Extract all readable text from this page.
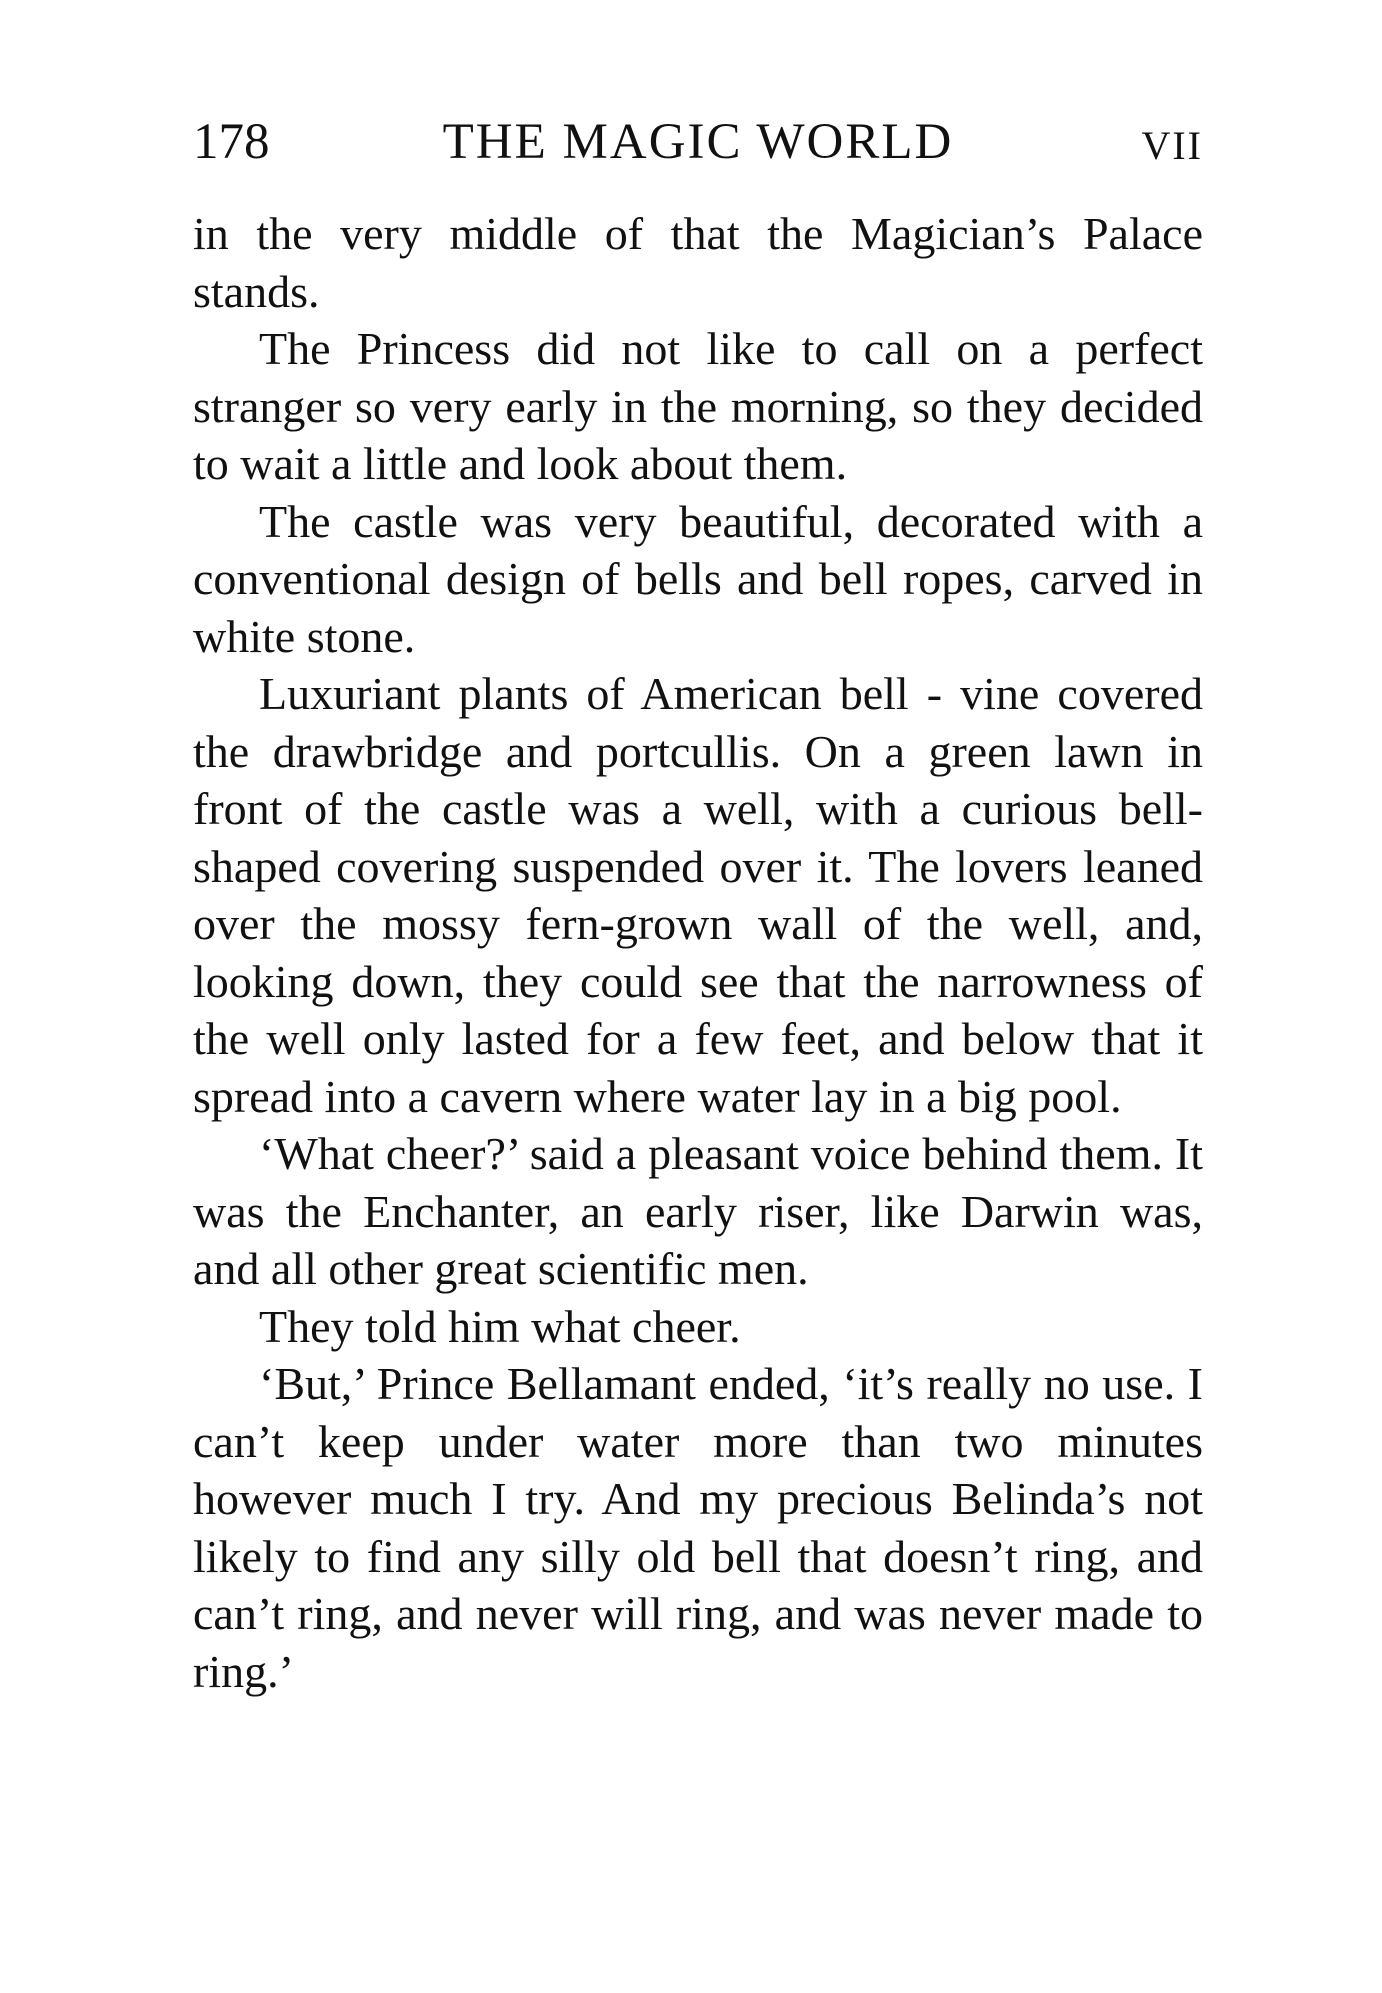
178	THE MAGIC WORLD	VII

in the very middle of that the Magician’s Palace stands.

The Princess did not like to call on a perfect stranger so very early in the morning, so they decided to wait a little and look about them.

The castle was very beautiful, decorated with a conventional design of bells and bell ropes, carved in white stone.

Luxuriant plants of American bell - vine covered the drawbridge and portcullis. On a green lawn in front of the castle was a well, with a curious bell-shaped covering suspended over it. The lovers leaned over the mossy fern-grown wall of the well, and, looking down, they could see that the narrowness of the well only lasted for a few feet, and below that it spread into a cavern where water lay in a big pool.

‘What cheer?’ said a pleasant voice behind them. It was the Enchanter, an early riser, like Darwin was, and all other great scientific men.

They told him what cheer.

‘But,’ Prince Bellamant ended, ‘it’s really no use. I can’t keep under water more than two minutes however much I try. And my precious Belinda’s not likely to find any silly old bell that doesn’t ring, and can’t ring, and never will ring, and was never made to ring.’
